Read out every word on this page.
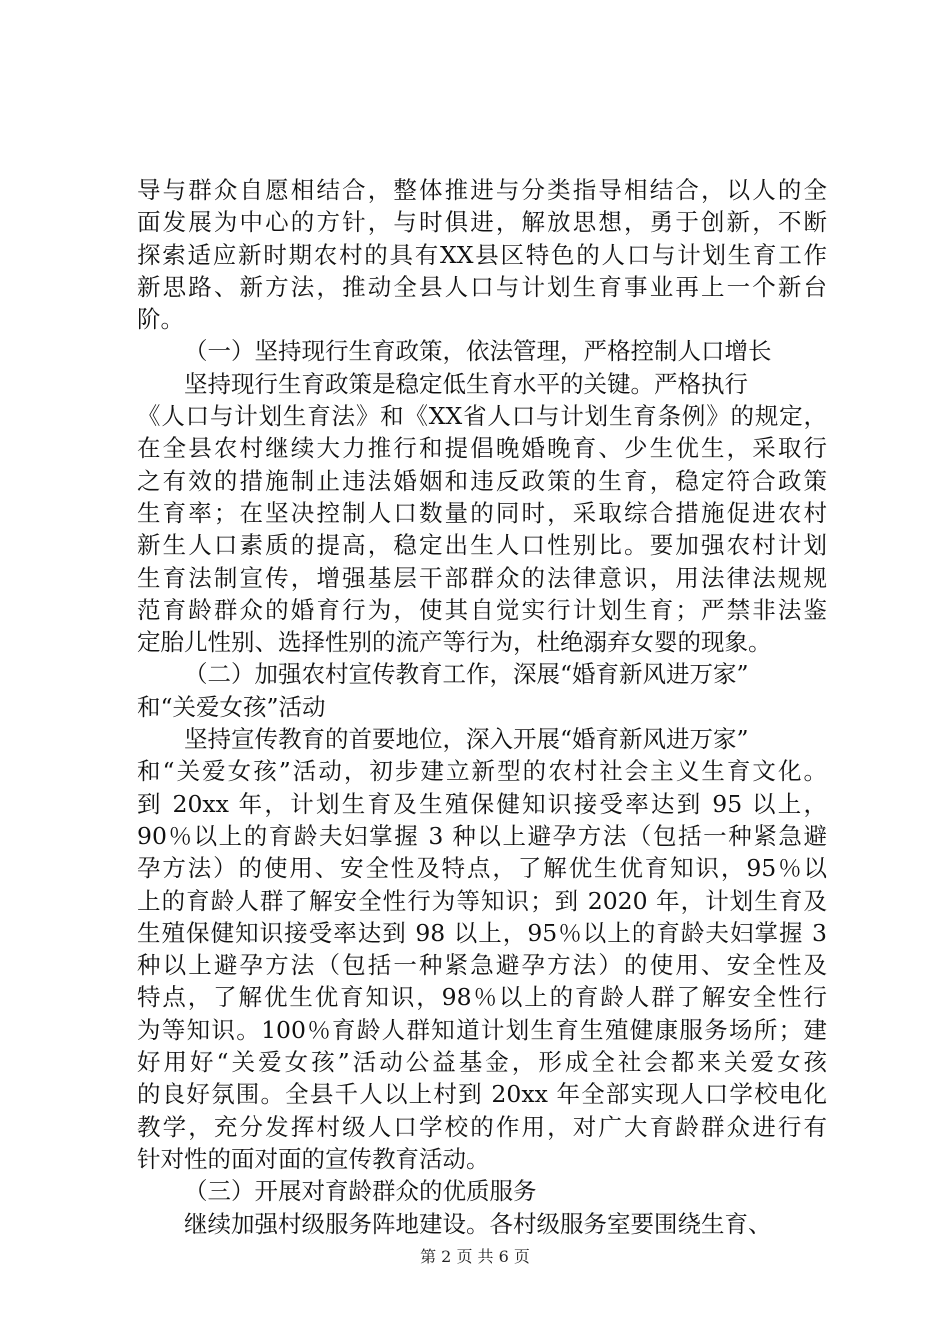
导与群众自愿相结合，整体推进与分类指导相结合，以人的全
面发展为中心的方针，与时俱进，解放思想，勇于创新，不断
探索适应新时期农村的具有XX县区特色的人口与计划生育工作
新思路、新方法，推动全县人口与计划生育事业再上一个新台
阶。
（一）坚持现行生育政策，依法管理，严格控制人口增长
坚持现行生育政策是稳定低生育水平的关键。严格执行
《人口与计划生育法》和《XX省人口与计划生育条例》的规定，
在全县农村继续大力推行和提倡晚婚晚育、少生优生，采取行
之有效的措施制止违法婚姻和违反政策的生育，稳定符合政策
生育率；在坚决控制人口数量的同时，采取综合措施促进农村
新生人口素质的提高，稳定出生人口性别比。要加强农村计划
生育法制宣传，增强基层干部群众的法律意识，用法律法规规
范育龄群众的婚育行为，使其自觉实行计划生育；严禁非法鉴
定胎儿性别、选择性别的流产等行为，杜绝溺弃女婴的现象。
（二）加强农村宣传教育工作，深展“婚育新风进万家”
和“关爱女孩”活动
坚持宣传教育的首要地位，深入开展“婚育新风进万家”
和“关爱女孩”活动，初步建立新型的农村社会主义生育文化。
到 20xx 年，计划生育及生殖保健知识接受率达到 95 以上，
90％以上的育龄夫妇掌握 3 种以上避孕方法（包括一种紧急避
孕方法）的使用、安全性及特点，了解优生优育知识，95％以
上的育龄人群了解安全性行为等知识；到 2020 年，计划生育及
生殖保健知识接受率达到 98 以上，95％以上的育龄夫妇掌握 3
种以上避孕方法（包括一种紧急避孕方法）的使用、安全性及
特点，了解优生优育知识，98％以上的育龄人群了解安全性行
为等知识。100％育龄人群知道计划生育生殖健康服务场所；建
好用好“关爱女孩”活动公益基金，形成全社会都来关爱女孩
的良好氛围。全县千人以上村到 20xx 年全部实现人口学校电化
教学，充分发挥村级人口学校的作用，对广大育龄群众进行有
针对性的面对面的宣传教育活动。
（三）开展对育龄群众的优质服务
继续加强村级服务阵地建设。各村级服务室要围绕生育、
第 2 页 共 6 页
